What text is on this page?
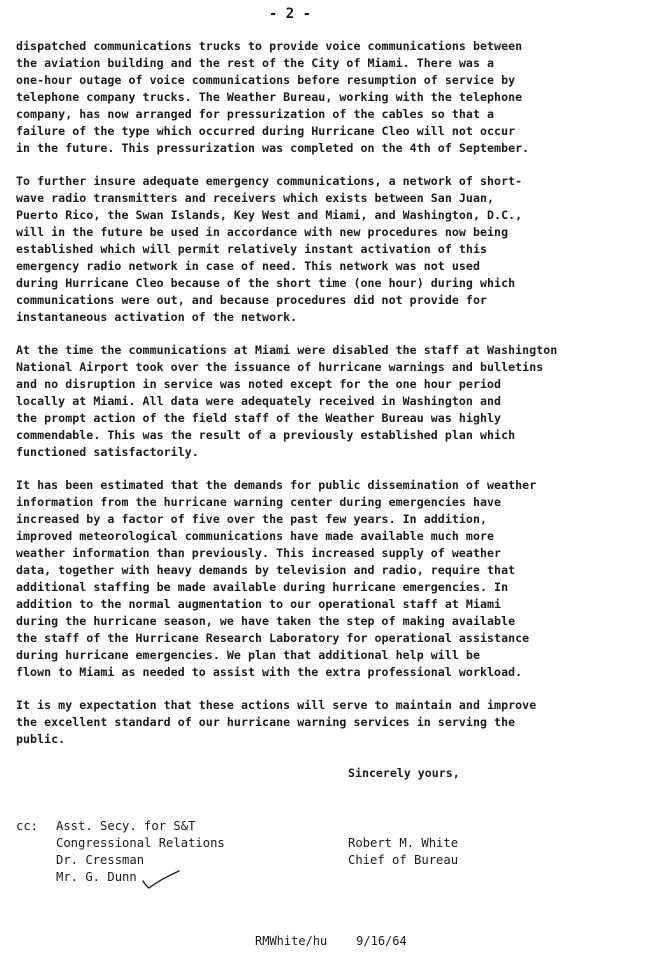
- 2 -

dispatched communications trucks to provide voice communications between
the aviation building and the rest of the City of Miami. There was a
one-hour outage of voice communications before resumption of service by
telephone company trucks. The Weather Bureau, working with the telephone
company, has now arranged for pressurization of the cables so that a
failure of the type which occurred during Hurricane Cleo will not occur
in the future. This pressurization was completed on the 4th of September.

To further insure adequate emergency communications, a network of short-
wave radio transmitters and receivers which exists between San Juan,
Puerto Rico, the Swan Islands, Key West and Miami, and Washington, D.C.,
will in the future be used in accordance with new procedures now being
established which will permit relatively instant activation of this
emergency radio network in case of need. This network was not used
during Hurricane Cleo because of the short time (one hour) during which
communications were out, and because procedures did not provide for
instantaneous activation of the network.

At the time the communications at Miami were disabled the staff at Washington
National Airport took over the issuance of hurricane warnings and bulletins
and no disruption in service was noted except for the one hour period
locally at Miami. All data were adequately received in Washington and
the prompt action of the field staff of the Weather Bureau was highly
commendable. This was the result of a previously established plan which
functioned satisfactorily.

It has been estimated that the demands for public dissemination of weather
information from the hurricane warning center during emergencies have
increased by a factor of five over the past few years. In addition,
improved meteorological communications have made available much more
weather information than previously. This increased supply of weather
data, together with heavy demands by television and radio, require that
additional staffing be made available during hurricane emergencies. In
addition to the normal augmentation to our operational staff at Miami
during the hurricane season, we have taken the step of making available
the staff of the Hurricane Research Laboratory for operational assistance
during hurricane emergencies. We plan that additional help will be
flown to Miami as needed to assist with the extra professional workload.

It is my expectation that these actions will serve to maintain and improve
the excellent standard of our hurricane warning services in serving the
public.

Sincerely yours,
cc:	Asst. Secy. for S&T
Congressional Relations
Dr. Cressman
Mr. G. Dunn
Robert M. White
Chief of Bureau
RMWhite/hu    9/16/64
